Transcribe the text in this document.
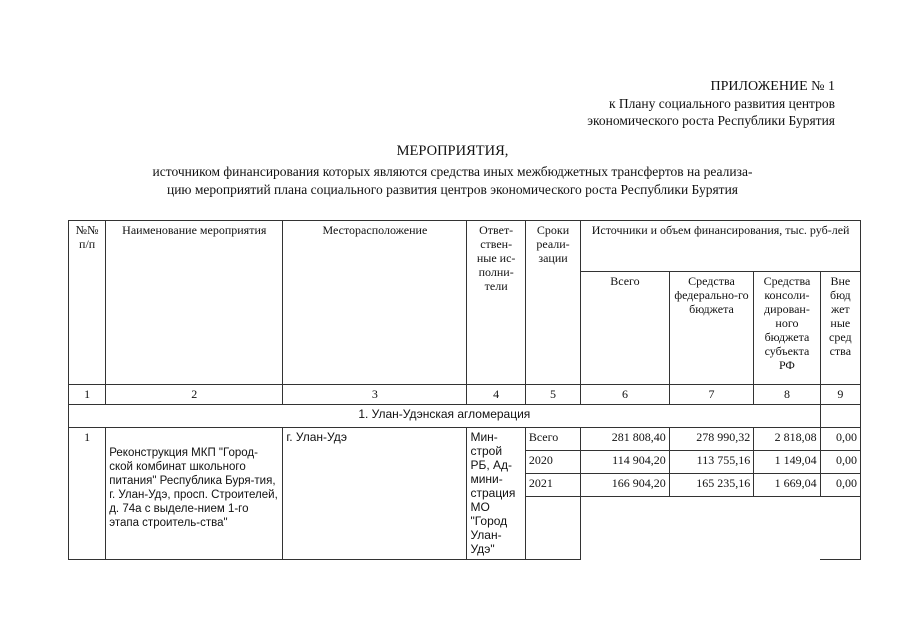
ПРИЛОЖЕНИЕ № 1
к Плану социального развития центров
экономического роста Республики Бурятия
МЕРОПРИЯТИЯ,
источником финансирования которых являются средства иных межбюджетных трансфертов на реализа-
цию мероприятий плана социального развития центров экономического роста Республики Бурятия
№№ п/п	Наименование мероприятия	Месторасположение	Ответ-ствен-ные ис-полни-тели	Сроки реали-зации	Источники и объем финансирования, тыс. руб-лей			
					Всего	Средства федерально-го бюджета	Средства консоли-дирован-ного бюджета субъекта РФ	Вне бюд жет ные сред ства
1	2	3	4	5	6	7	8	9
1. Улан-Удэнская агломерация								
1	Реконструкция МКП "Город-ской комбинат школьного питания" Республика Буря-тия, г. Улан-Удэ, просп. Строителей, д. 74а с выделе-нием 1-го этапа строитель-ства"	г. Улан-Удэ	Мин-строй РБ, Ад-мини-страция МО "Город Улан-Удэ"	Всего	281 808,40	278 990,32	2 818,08	0,00
				2020	114 904,20	113 755,16	1 149,04	0,00
				2021	166 904,20	165 235,16	1 669,04	0,00
